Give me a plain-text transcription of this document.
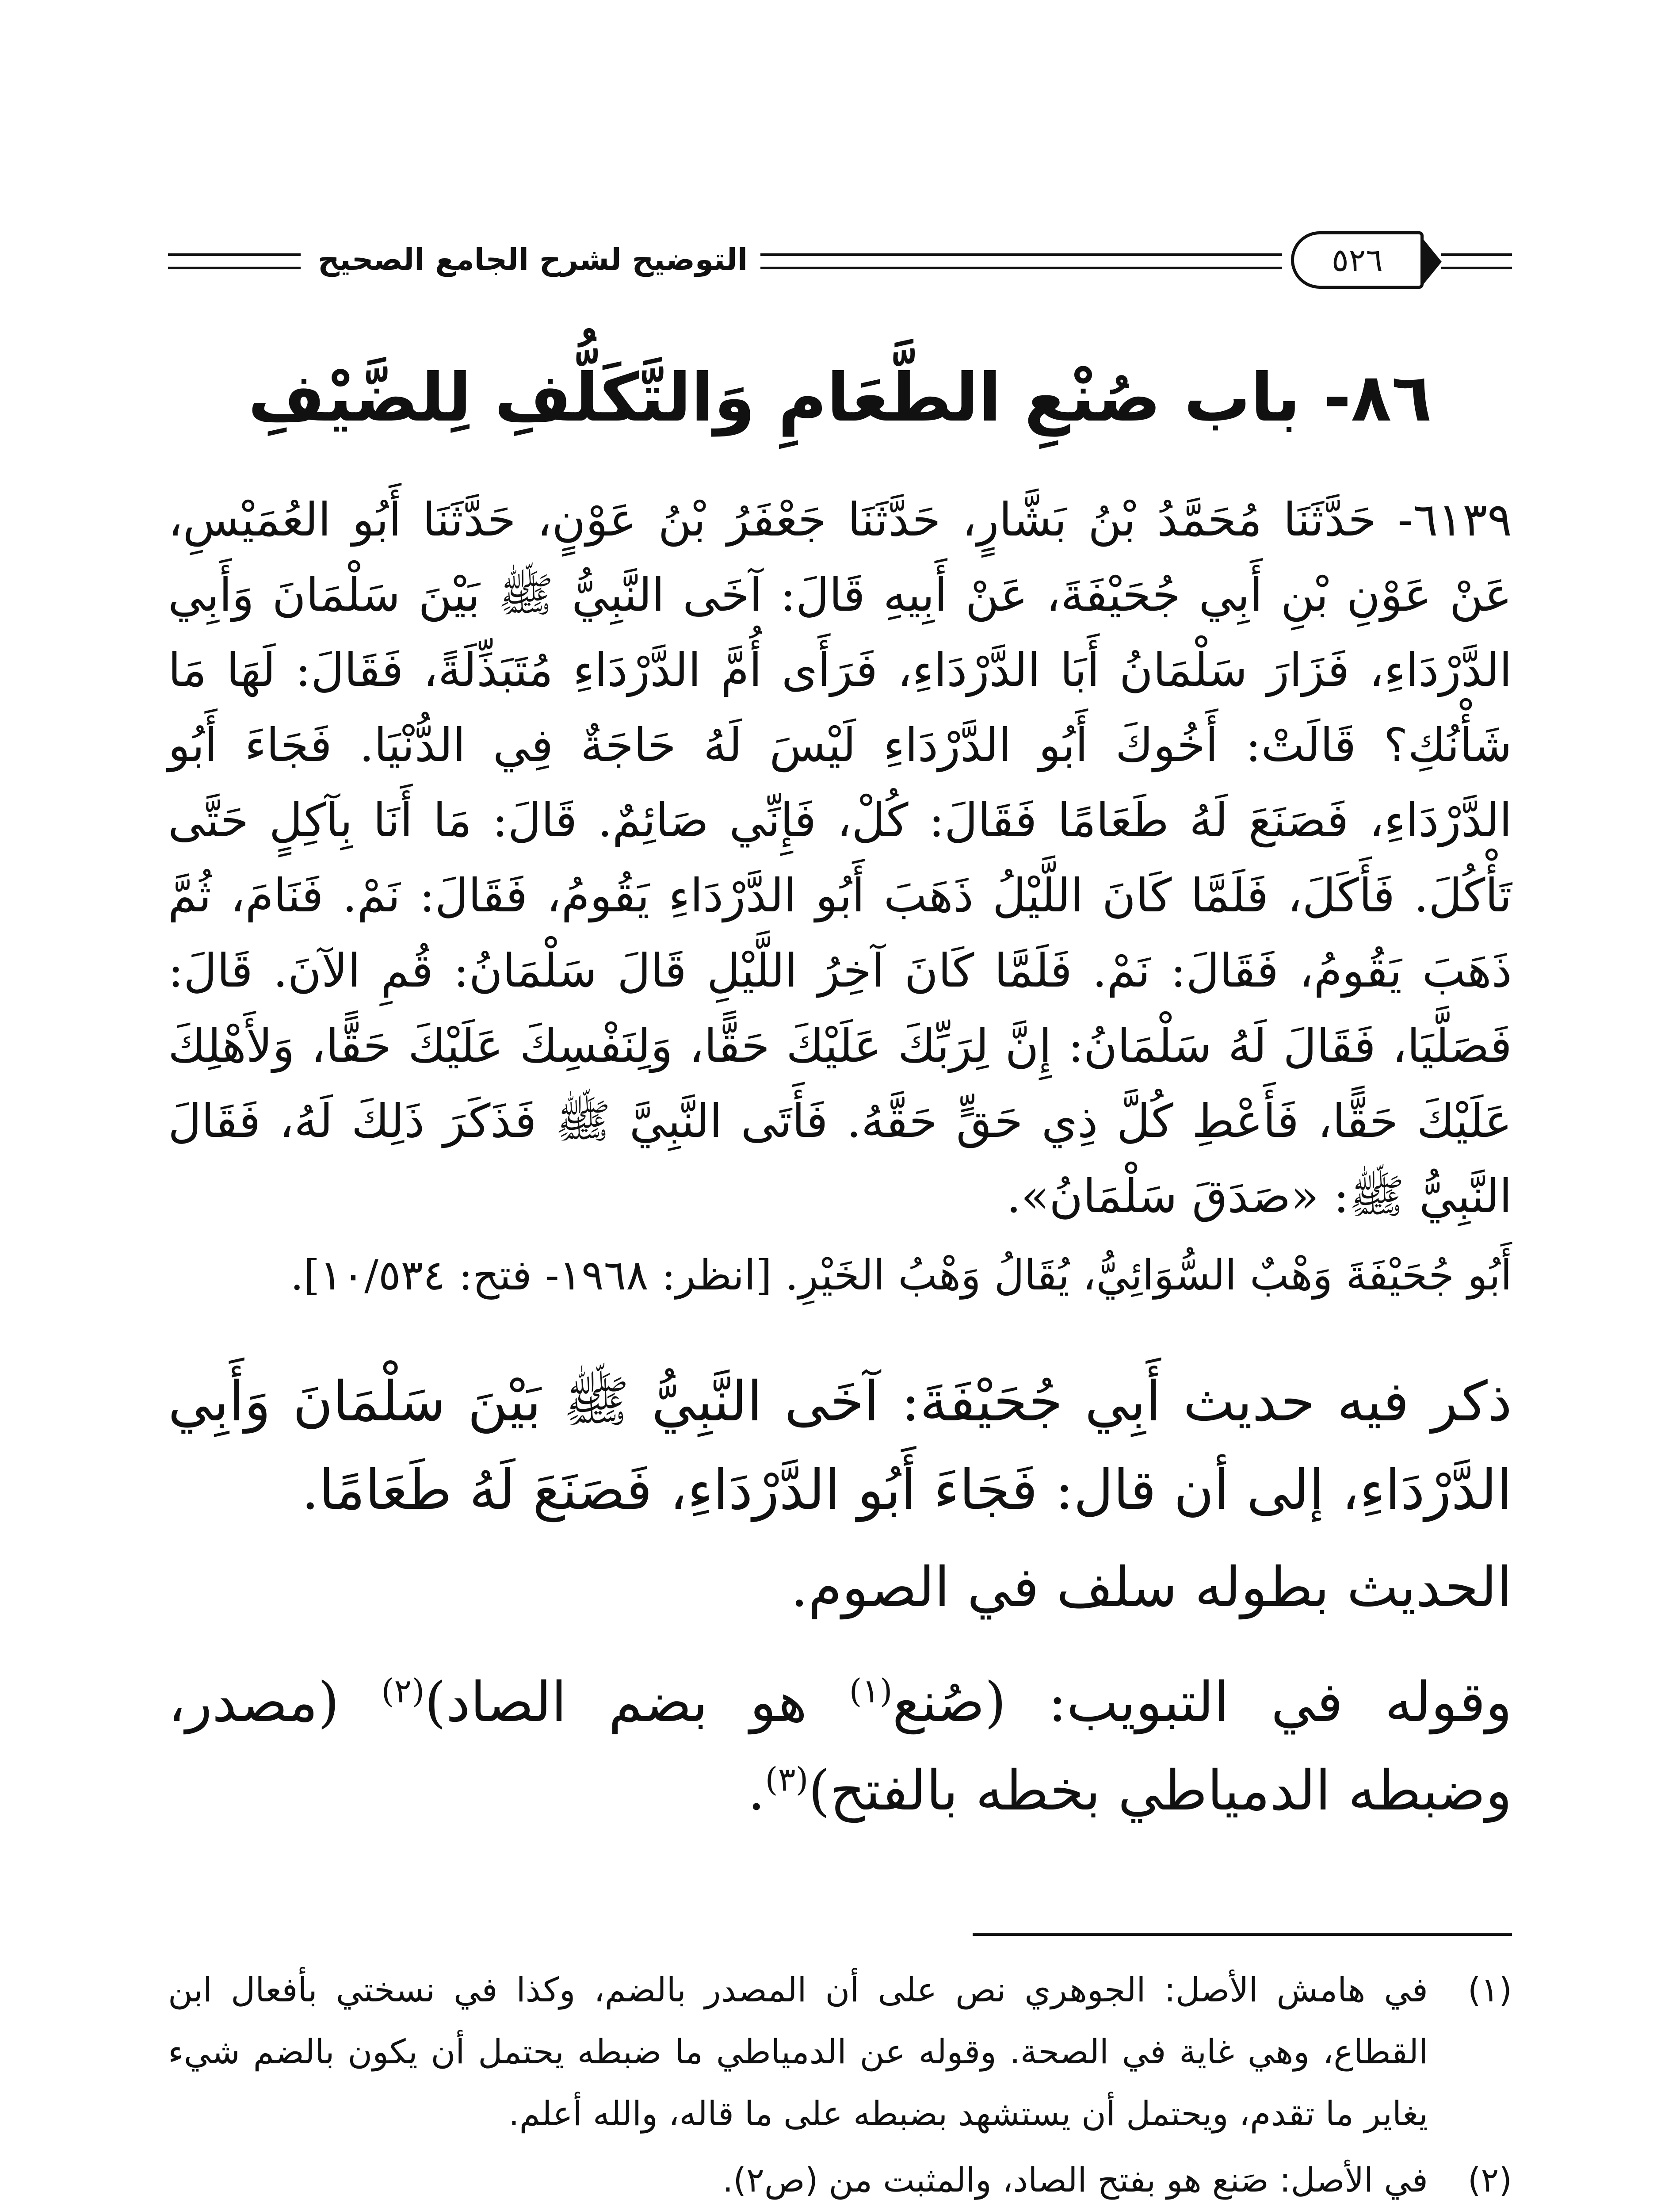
التوضيح لشرح الجامع الصحيح	٥٢٦
٨٦- باب صُنْعِ الطَّعَامِ وَالتَّكَلُّفِ لِلضَّيْفِ
٦١٣٩- حَدَّثَنَا مُحَمَّدُ بْنُ بَشَّارٍ، حَدَّثَنَا جَعْفَرُ بْنُ عَوْنٍ، حَدَّثَنَا أَبُو العُمَيْسِ، عَنْ عَوْنِ بْنِ أَبِي جُحَيْفَةَ، عَنْ أَبِيهِ قَالَ: آخَى النَّبِيُّ ﷺ بَيْنَ سَلْمَانَ وَأَبِي الدَّرْدَاءِ، فَزَارَ سَلْمَانُ أَبَا الدَّرْدَاءِ، فَرَأَى أُمَّ الدَّرْدَاءِ مُتَبَذِّلَةً، فَقَالَ: لَهَا مَا شَأْنُكِ؟ قَالَتْ: أَخُوكَ أَبُو الدَّرْدَاءِ لَيْسَ لَهُ حَاجَةٌ فِي الدُّنْيَا. فَجَاءَ أَبُو الدَّرْدَاءِ، فَصَنَعَ لَهُ طَعَامًا فَقَالَ: كُلْ، فَإِنِّي صَائِمٌ. قَالَ: مَا أَنَا بِآكِلٍ حَتَّى تَأْكُلَ. فَأَكَلَ، فَلَمَّا كَانَ اللَّيْلُ ذَهَبَ أَبُو الدَّرْدَاءِ يَقُومُ، فَقَالَ: نَمْ. فَنَامَ، ثُمَّ ذَهَبَ يَقُومُ، فَقَالَ: نَمْ. فَلَمَّا كَانَ آخِرُ اللَّيْلِ قَالَ سَلْمَانُ: قُمِ الآنَ. قَالَ: فَصَلَّيَا، فَقَالَ لَهُ سَلْمَانُ: إِنَّ لِرَبِّكَ عَلَيْكَ حَقًّا، وَلِنَفْسِكَ عَلَيْكَ حَقًّا، وَلأَهْلِكَ عَلَيْكَ حَقًّا، فَأَعْطِ كُلَّ ذِي حَقٍّ حَقَّهُ. فَأَتَى النَّبِيَّ ﷺ فَذَكَرَ ذَلِكَ لَهُ، فَقَالَ النَّبِيُّ ﷺ: «صَدَقَ سَلْمَانُ».
أَبُو جُحَيْفَةَ وَهْبٌ السُّوَائِيُّ، يُقَالُ وَهْبُ الخَيْرِ. [انظر: ١٩٦٨- فتح: ١٠/٥٣٤].
ذكر فيه حديث أَبِي جُحَيْفَةَ: آخَى النَّبِيُّ ﷺ بَيْنَ سَلْمَانَ وَأَبِي الدَّرْدَاءِ، إلى أن قال: فَجَاءَ أَبُو الدَّرْدَاءِ، فَصَنَعَ لَهُ طَعَامًا.
الحديث بطوله سلف في الصوم.
وقوله في التبويب: (صُنع$^{(١)}$ هو بضم الصاد)$^{(٢)}$ (مصدر، وضبطه الدمياطي بخطه بالفتح)$^{(٣)}$.
(١)
في هامش الأصل: الجوهري نص على أن المصدر بالضم، وكذا في نسختي بأفعال ابن القطاع، وهي غاية في الصحة. وقوله عن الدمياطي ما ضبطه يحتمل أن يكون بالضم شيء يغاير ما تقدم، ويحتمل أن يستشهد بضبطه على ما قاله، والله أعلم.
(٢)
في الأصل: صَنع هو بفتح الصاد، والمثبت من (ص٢).
